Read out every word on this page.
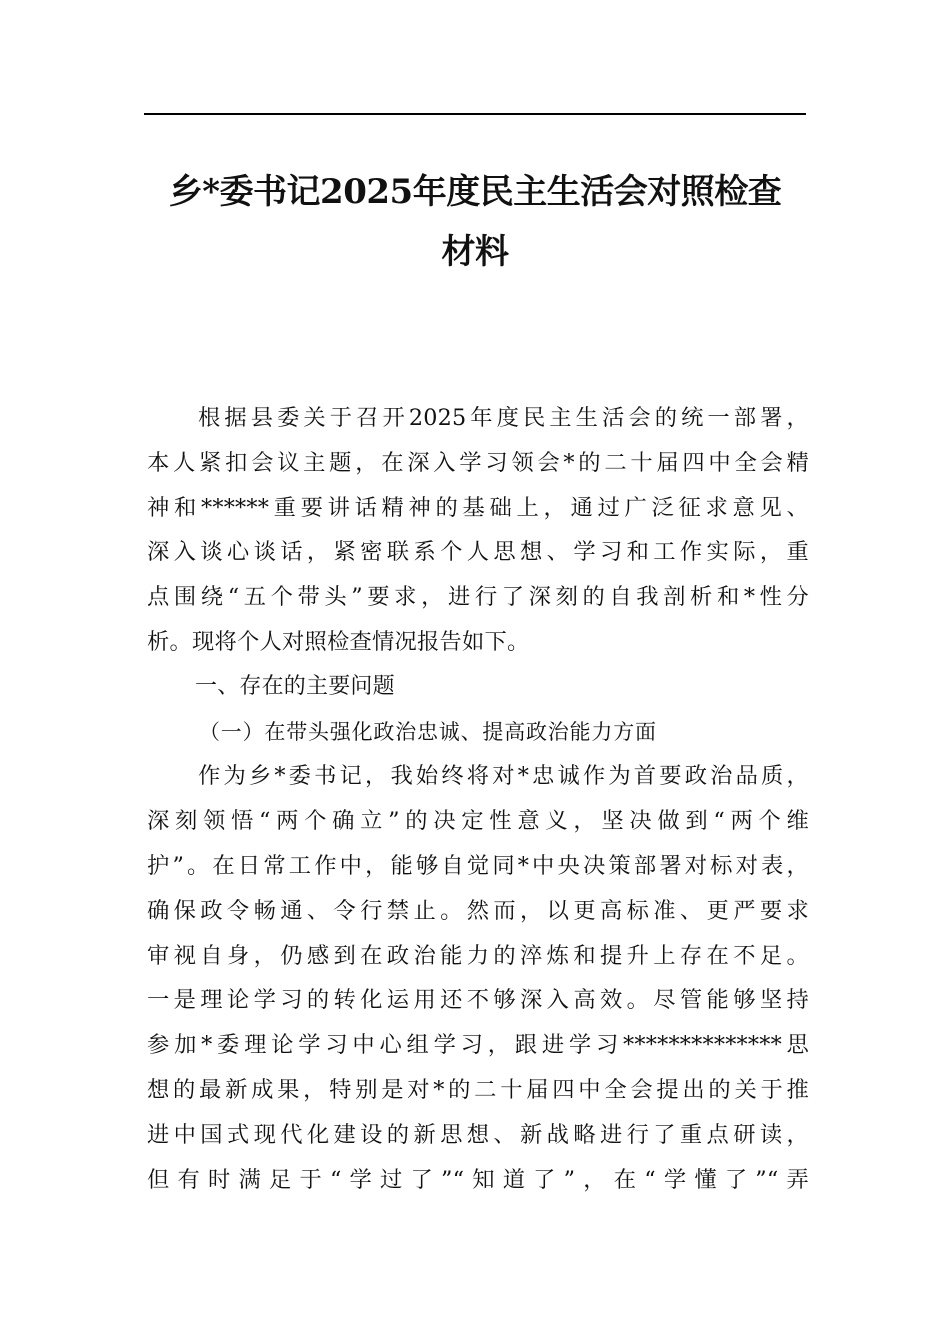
乡*委书记2025年度民主生活会对照检查
材料
根据县委关于召开2025年度民主生活会的统一部署，
本人紧扣会议主题，在深入学习领会*的二十届四中全会精
神和******重要讲话精神的基础上，通过广泛征求意见、
深入谈心谈话，紧密联系个人思想、学习和工作实际，重
点围绕“五个带头”要求，进行了深刻的自我剖析和*性分
析。现将个人对照检查情况报告如下。
一、存在的主要问题
（一）在带头强化政治忠诚、提高政治能力方面
作为乡*委书记，我始终将对*忠诚作为首要政治品质，
深刻领悟“两个确立”的决定性意义，坚决做到“两个维
护”。在日常工作中，能够自觉同*中央决策部署对标对表，
确保政令畅通、令行禁止。然而，以更高标准、更严要求
审视自身，仍感到在政治能力的淬炼和提升上存在不足。
一是理论学习的转化运用还不够深入高效。尽管能够坚持
参加*委理论学习中心组学习，跟进学习**************思
想的最新成果，特别是对*的二十届四中全会提出的关于推
进中国式现代化建设的新思想、新战略进行了重点研读，
但有时满足于“学过了”“知道了”，在“学懂了”“弄
